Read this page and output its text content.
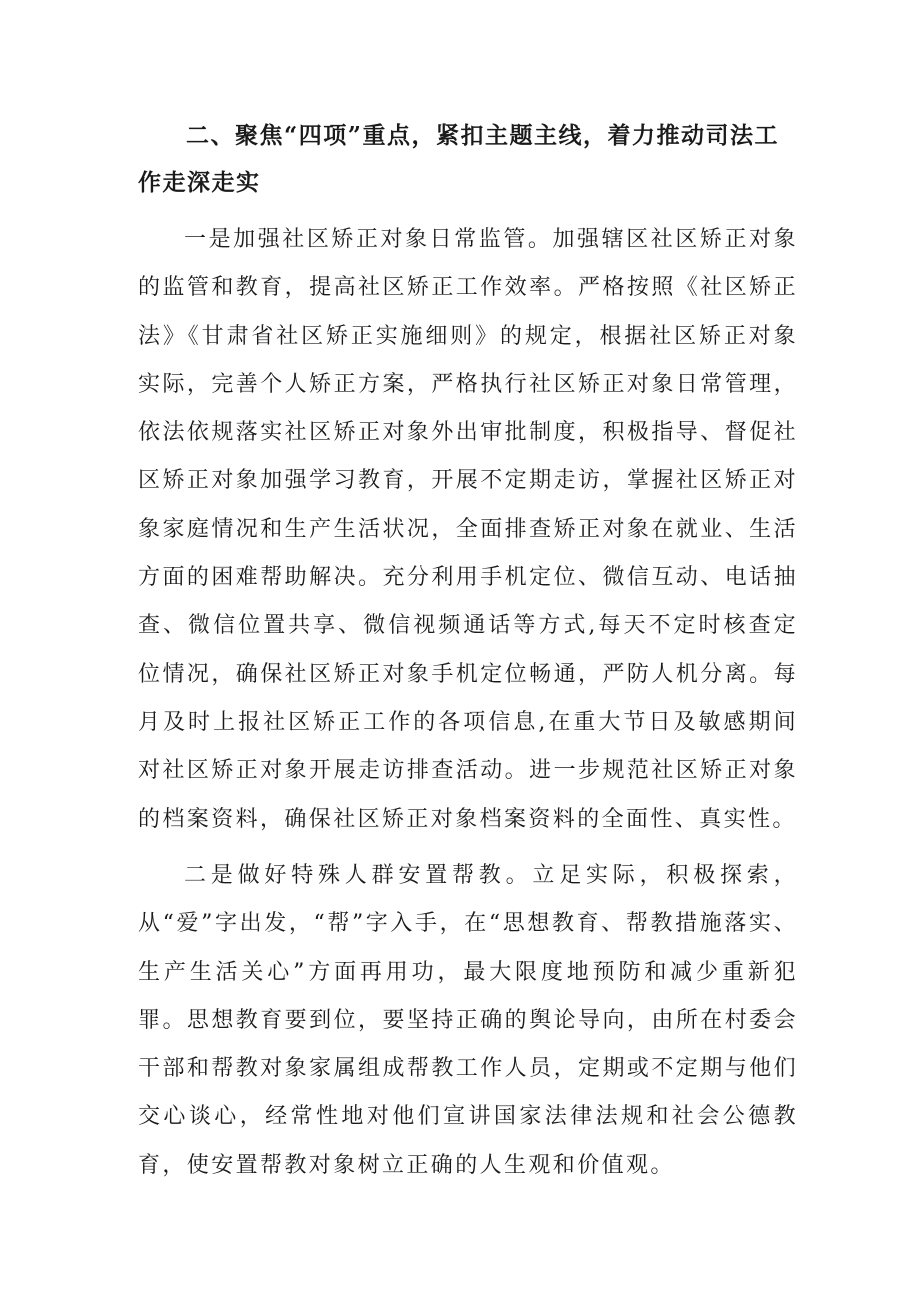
二、聚焦“四项”重点，紧扣主题主线，着力推动司法工作走深走实

一是加强社区矫正对象日常监管。加强辖区社区矫正对象的监管和教育，提高社区矫正工作效率。严格按照《社区矫正法》《甘肃省社区矫正实施细则》的规定，根据社区矫正对象实际，完善个人矫正方案，严格执行社区矫正对象日常管理，依法依规落实社区矫正对象外出审批制度，积极指导、督促社区矫正对象加强学习教育，开展不定期走访，掌握社区矫正对象家庭情况和生产生活状况，全面排查矫正对象在就业、生活方面的困难帮助解决。充分利用手机定位、微信互动、电话抽查、微信位置共享、微信视频通话等方式,每天不定时核查定位情况，确保社区矫正对象手机定位畅通，严防人机分离。每月及时上报社区矫正工作的各项信息,在重大节日及敏感期间对社区矫正对象开展走访排查活动。进一步规范社区矫正对象的档案资料，确保社区矫正对象档案资料的全面性、真实性。

二是做好特殊人群安置帮教。立足实际，积极探索，从“爱”字出发，“帮”字入手，在“思想教育、帮教措施落实、生产生活关心”方面再用功，最大限度地预防和减少重新犯罪。思想教育要到位，要坚持正确的舆论导向，由所在村委会干部和帮教对象家属组成帮教工作人员，定期或不定期与他们交心谈心，经常性地对他们宣讲国家法律法规和社会公德教育，使安置帮教对象树立正确的人生观和价值观。
